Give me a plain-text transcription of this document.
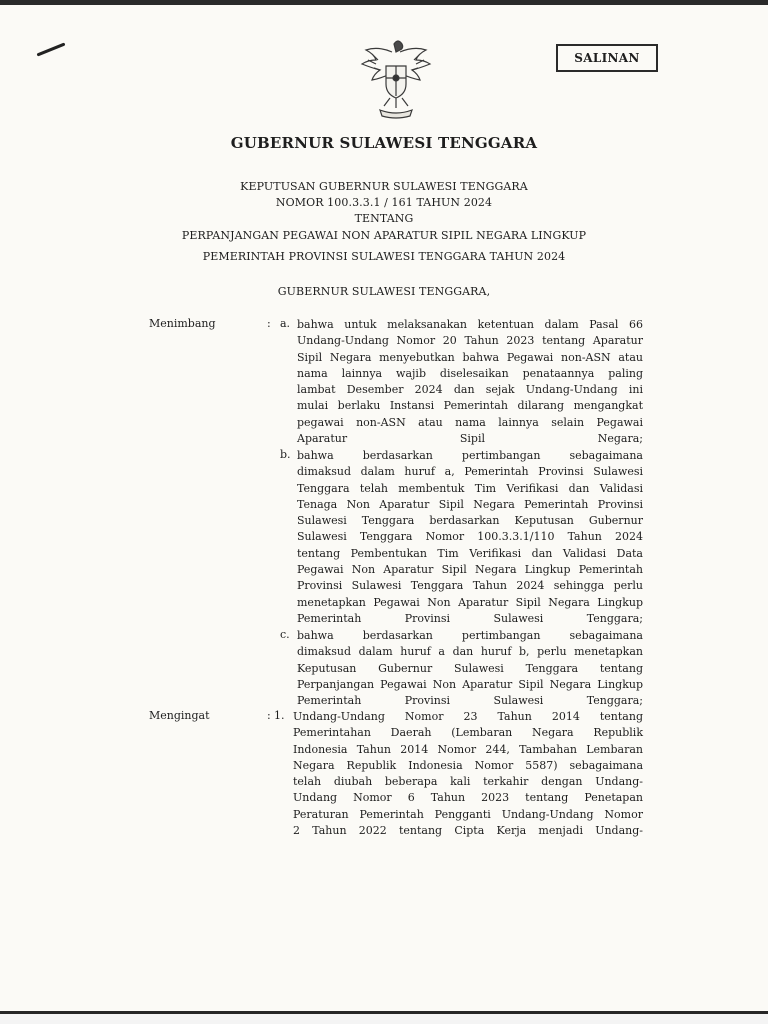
SALINAN
GUBERNUR SULAWESI TENGGARA
KEPUTUSAN GUBERNUR SULAWESI TENGGARA
NOMOR 100.3.3.1 / 161 TAHUN 2024
TENTANG
PERPANJANGAN PEGAWAI NON APARATUR SIPIL NEGARA LINGKUP
PEMERINTAH PROVINSI SULAWESI TENGGARA TAHUN 2024
GUBERNUR SULAWESI TENGGARA,
Menimbang	: a. bahwa untuk melaksanakan ketentuan dalam Pasal 66
Undang-Undang Nomor 20 Tahun 2023 tentang Aparatur
Sipil Negara menyebutkan bahwa Pegawai non-ASN atau
nama lainnya wajib diselesaikan penataannya paling
lambat Desember 2024 dan sejak Undang-Undang ini
mulai berlaku Instansi Pemerintah dilarang mengangkat
pegawai non-ASN atau nama lainnya selain Pegawai
Aparatur Sipil Negara;
b. bahwa berdasarkan pertimbangan sebagaimana
dimaksud dalam huruf a, Pemerintah Provinsi Sulawesi
Tenggara telah membentuk Tim Verifikasi dan Validasi
Tenaga Non Aparatur Sipil Negara Pemerintah Provinsi
Sulawesi Tenggara berdasarkan Keputusan Gubernur
Sulawesi Tenggara Nomor 100.3.3.1/110 Tahun 2024
tentang Pembentukan Tim Verifikasi dan Validasi Data
Pegawai Non Aparatur Sipil Negara Lingkup Pemerintah
Provinsi Sulawesi Tenggara Tahun 2024 sehingga perlu
menetapkan Pegawai Non Aparatur Sipil Negara Lingkup
Pemerintah Provinsi Sulawesi Tenggara;
c. bahwa berdasarkan pertimbangan sebagaimana
dimaksud dalam huruf a dan huruf b, perlu menetapkan
Keputusan Gubernur Sulawesi Tenggara tentang
Perpanjangan Pegawai Non Aparatur Sipil Negara Lingkup
Pemerintah Provinsi Sulawesi Tenggara;
Mengingat	: 1. Undang-Undang Nomor 23 Tahun 2014 tentang
Pemerintahan Daerah (Lembaran Negara Republik
Indonesia Tahun 2014 Nomor 244, Tambahan Lembaran
Negara Republik Indonesia Nomor 5587) sebagaimana
telah diubah beberapa kali terkahir dengan Undang-
Undang Nomor 6 Tahun 2023 tentang Penetapan
Peraturan Pemerintah Pengganti Undang-Undang Nomor
2 Tahun 2022 tentang Cipta Kerja menjadi Undang-
